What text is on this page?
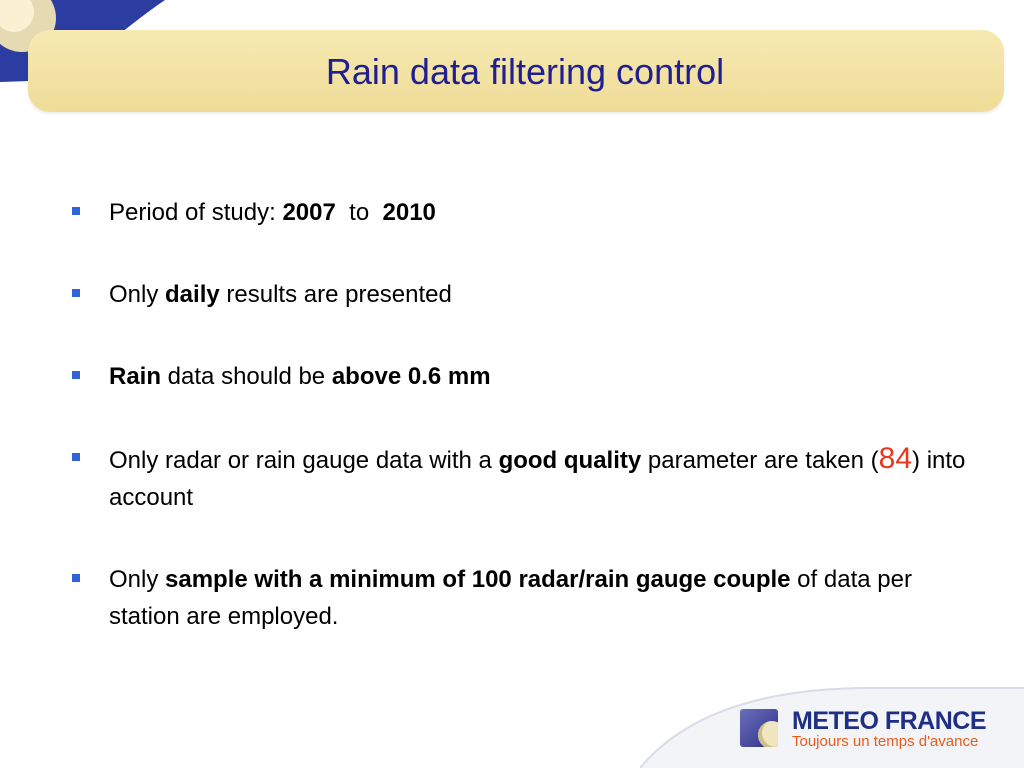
Rain data filtering control
Period of study: 2007  to  2010
Only daily results are presented
Rain data should be above 0.6 mm
Only radar or rain gauge data with a good quality parameter are taken (84) into account
Only sample with a minimum of 100 radar/rain gauge couple of data per station are employed.
METEO FRANCE
Toujours un temps d'avance
